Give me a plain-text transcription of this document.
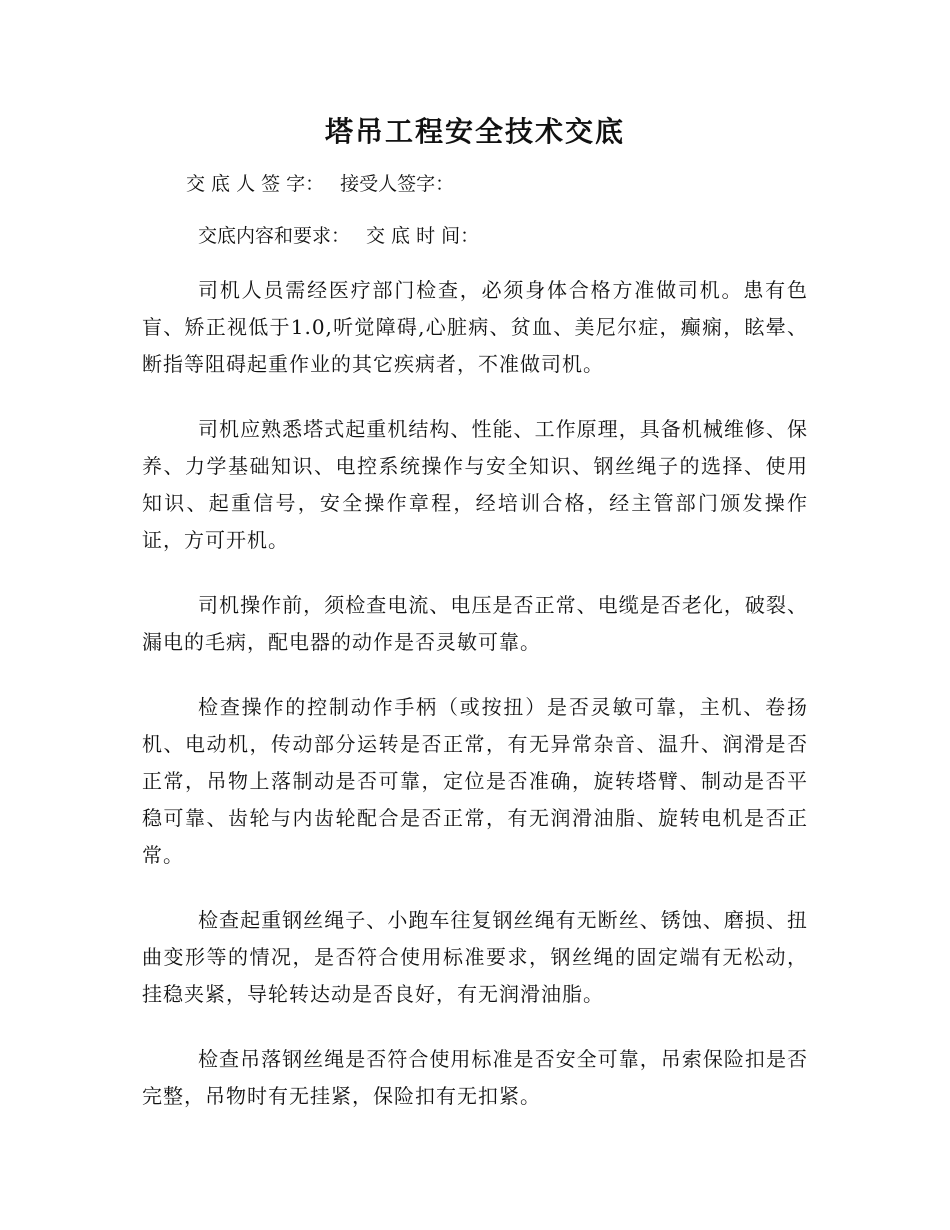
塔吊工程安全技术交底
交 底 人 签 字： 接受人签字：
交底内容和要求： 交 底 时 间：

司机人员需经医疗部门检查，必须身体合格方准做司机。患有色盲、矫正视低于1.0,听觉障碍,心脏病、贫血、美尼尔症，癫痫，眩晕、断指等阻碍起重作业的其它疾病者，不准做司机。

司机应熟悉塔式起重机结构、性能、工作原理，具备机械维修、保养、力学基础知识、电控系统操作与安全知识、钢丝绳子的选择、使用知识、起重信号，安全操作章程，经培训合格，经主管部门颁发操作证，方可开机。

司机操作前，须检查电流、电压是否正常、电缆是否老化，破裂、漏电的毛病，配电器的动作是否灵敏可靠。

检查操作的控制动作手柄（或按扭）是否灵敏可靠，主机、卷扬机、电动机，传动部分运转是否正常，有无异常杂音、温升、润滑是否正常，吊物上落制动是否可靠，定位是否准确，旋转塔臂、制动是否平稳可靠、齿轮与内齿轮配合是否正常，有无润滑油脂、旋转电机是否正常。

检查起重钢丝绳子、小跑车往复钢丝绳有无断丝、锈蚀、磨损、扭曲变形等的情况，是否符合使用标准要求，钢丝绳的固定端有无松动，挂稳夹紧，导轮转达动是否良好，有无润滑油脂。

检查吊落钢丝绳是否符合使用标准是否安全可靠，吊索保险扣是否完整，吊物时有无挂紧，保险扣有无扣紧。
